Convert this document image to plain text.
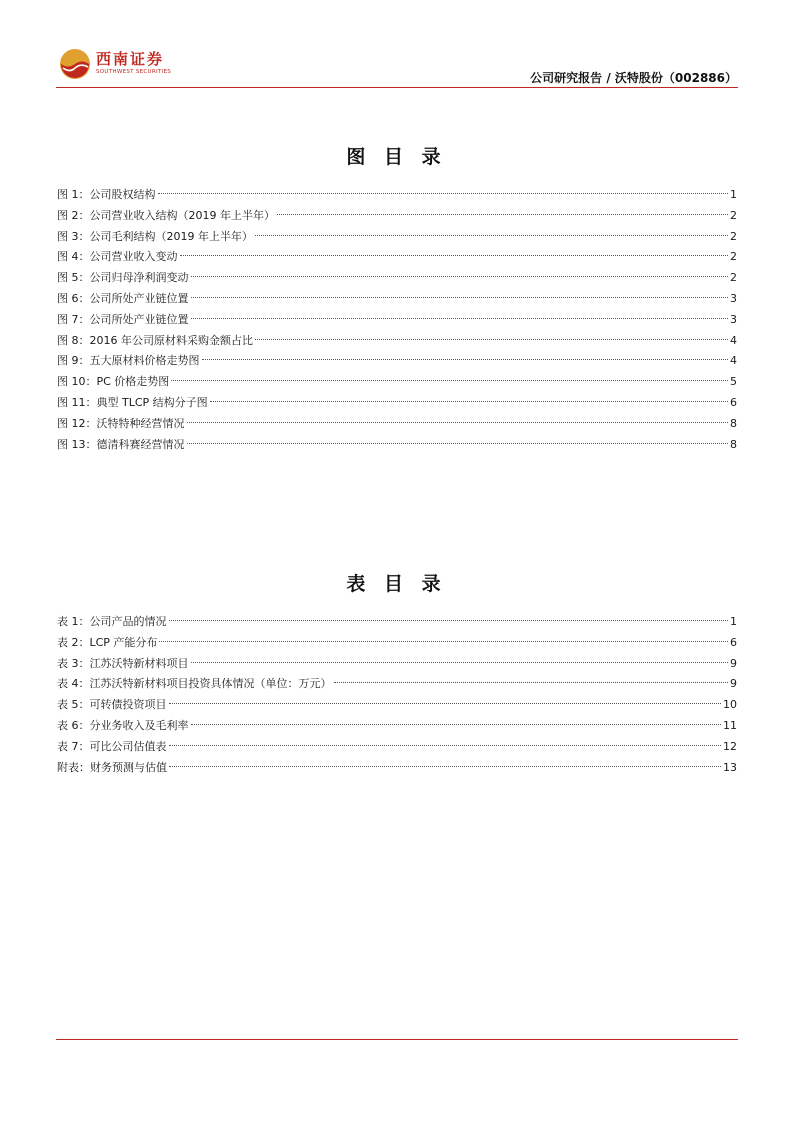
西南证券
SOUTHWEST SECURITIES	公司研究报告 / 沃特股份（002886）
图 目 录
图 1：公司股权结构	1
图 2：公司营业收入结构（2019 年上半年）	2
图 3：公司毛利结构（2019 年上半年）	2
图 4：公司营业收入变动	2
图 5：公司归母净利润变动	2
图 6：公司所处产业链位置	3
图 7：公司所处产业链位置	3
图 8：2016 年公司原材料采购金额占比	4
图 9：五大原材料价格走势图	4
图 10：PC 价格走势图	5
图 11：典型 TLCP 结构分子图	6
图 12：沃特特种经营情况	8
图 13：德清科赛经营情况	8
表 目 录
表 1：公司产品的情况	1
表 2：LCP 产能分布	6
表 3：江苏沃特新材料项目	9
表 4：江苏沃特新材料项目投资具体情况（单位：万元）	9
表 5：可转债投资项目	10
表 6：分业务收入及毛利率	11
表 7：可比公司估值表	12
附表：财务预测与估值	13
